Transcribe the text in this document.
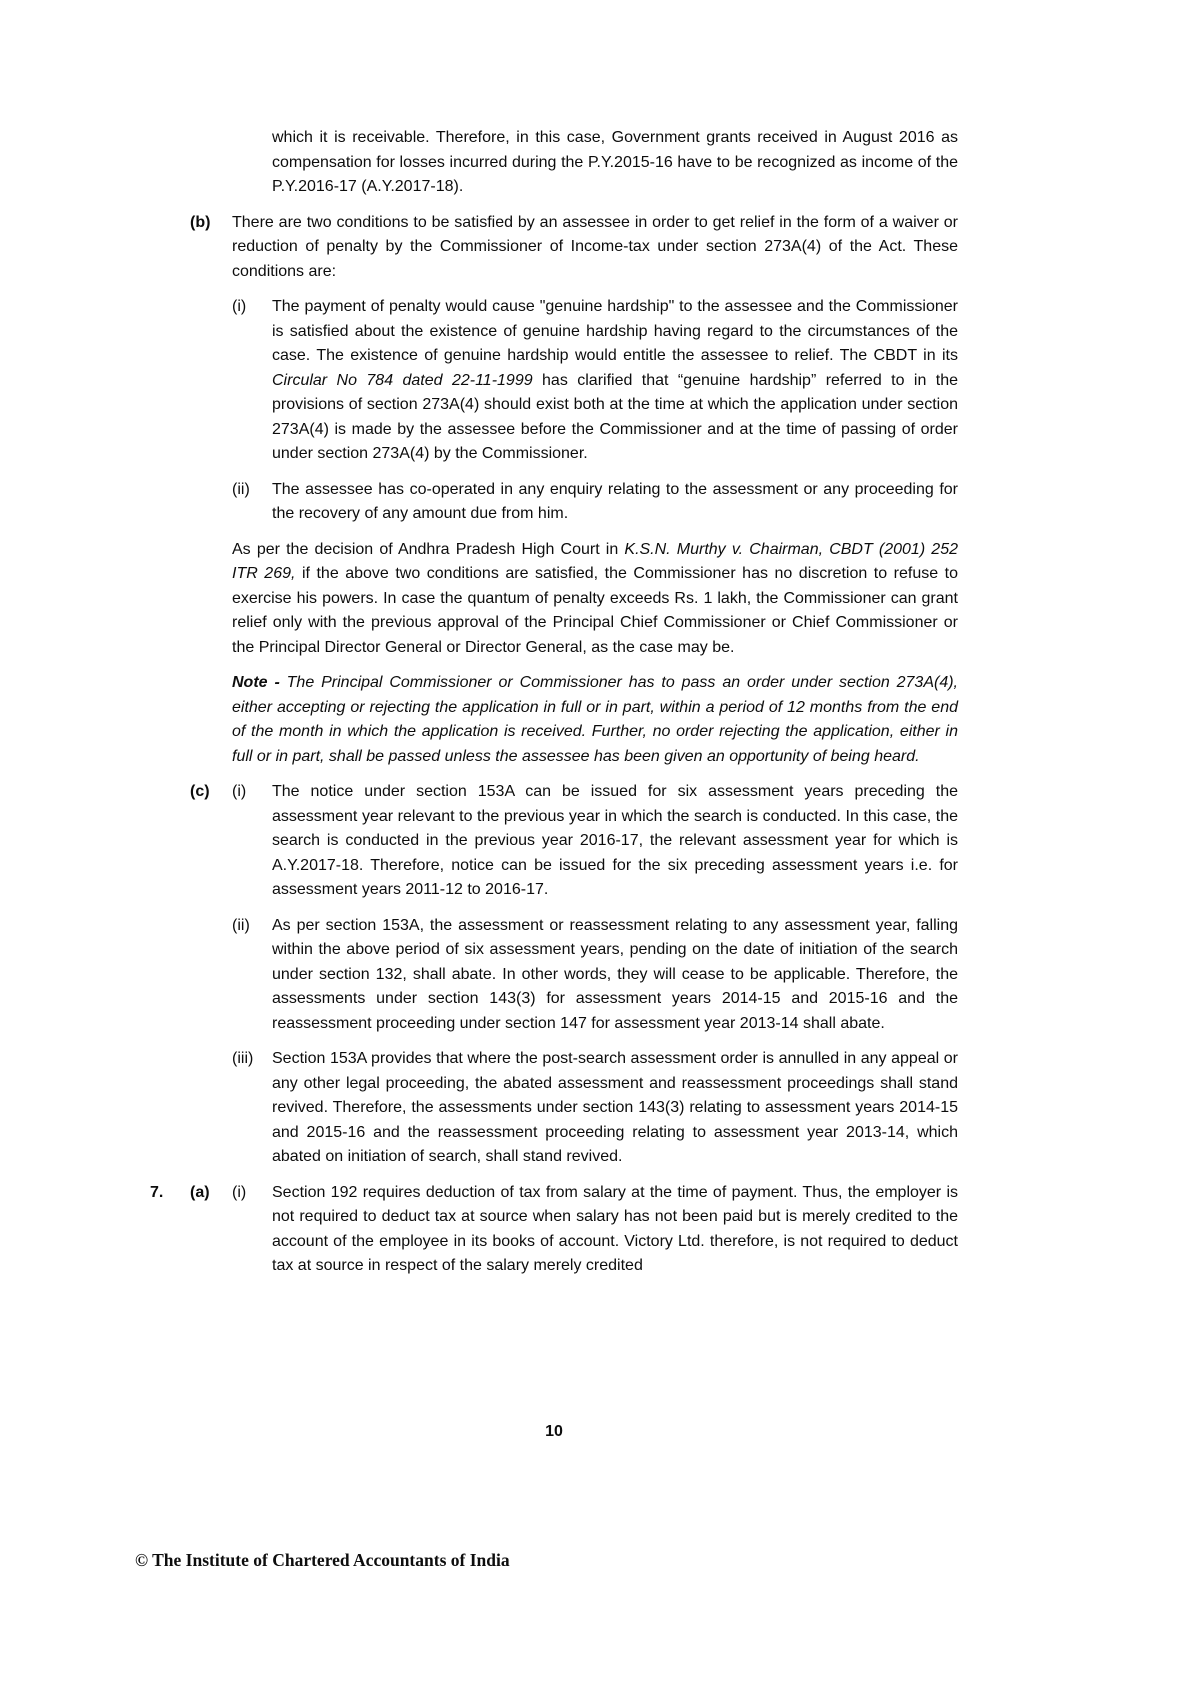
which it is receivable. Therefore, in this case, Government grants received in August 2016 as compensation for losses incurred during the P.Y.2015-16 have to be recognized as income of the P.Y.2016-17 (A.Y.2017-18).

(b)	There are two conditions to be satisfied by an assessee in order to get relief in the form of a waiver or reduction of penalty by the Commissioner of Income-tax under section 273A(4) of the Act. These conditions are:

(i)	The payment of penalty would cause "genuine hardship" to the assessee and the Commissioner is satisfied about the existence of genuine hardship having regard to the circumstances of the case. The existence of genuine hardship would entitle the assessee to relief. The CBDT in its Circular No 784 dated 22-11-1999 has clarified that “genuine hardship” referred to in the provisions of section 273A(4) should exist both at the time at which the application under section 273A(4) is made by the assessee before the Commissioner and at the time of passing of order under section 273A(4) by the Commissioner.

(ii)	The assessee has co-operated in any enquiry relating to the assessment or any proceeding for the recovery of any amount due from him.

As per the decision of Andhra Pradesh High Court in K.S.N. Murthy v. Chairman, CBDT (2001) 252 ITR 269, if the above two conditions are satisfied, the Commissioner has no discretion to refuse to exercise his powers. In case the quantum of penalty exceeds Rs. 1 lakh, the Commissioner can grant relief only with the previous approval of the Principal Chief Commissioner or Chief Commissioner or the Principal Director General or Director General, as the case may be.

Note - The Principal Commissioner or Commissioner has to pass an order under section 273A(4), either accepting or rejecting the application in full or in part, within a period of 12 months from the end of the month in which the application is received. Further, no order rejecting the application, either in full or in part, shall be passed unless the assessee has been given an opportunity of being heard.

(c)	(i)	The notice under section 153A can be issued for six assessment years preceding the assessment year relevant to the previous year in which the search is conducted. In this case, the search is conducted in the previous year 2016-17, the relevant assessment year for which is A.Y.2017-18. Therefore, notice can be issued for the six preceding assessment years i.e. for assessment years 2011-12 to 2016-17.

(ii)	As per section 153A, the assessment or reassessment relating to any assessment year, falling within the above period of six assessment years, pending on the date of initiation of the search under section 132, shall abate. In other words, they will cease to be applicable. Therefore, the assessments under section 143(3) for assessment years 2014-15 and 2015-16 and the reassessment proceeding under section 147 for assessment year 2013-14 shall abate.

(iii)	Section 153A provides that where the post-search assessment order is annulled in any appeal or any other legal proceeding, the abated assessment and reassessment proceedings shall stand revived. Therefore, the assessments under section 143(3) relating to assessment years 2014-15 and 2015-16 and the reassessment proceeding relating to assessment year 2013-14, which abated on initiation of search, shall stand revived.

7.	(a)	(i)	Section 192 requires deduction of tax from salary at the time of payment. Thus, the employer is not required to deduct tax at source when salary has not been paid but is merely credited to the account of the employee in its books of account. Victory Ltd. therefore, is not required to deduct tax at source in respect of the salary merely credited

10
© The Institute of Chartered Accountants of India
